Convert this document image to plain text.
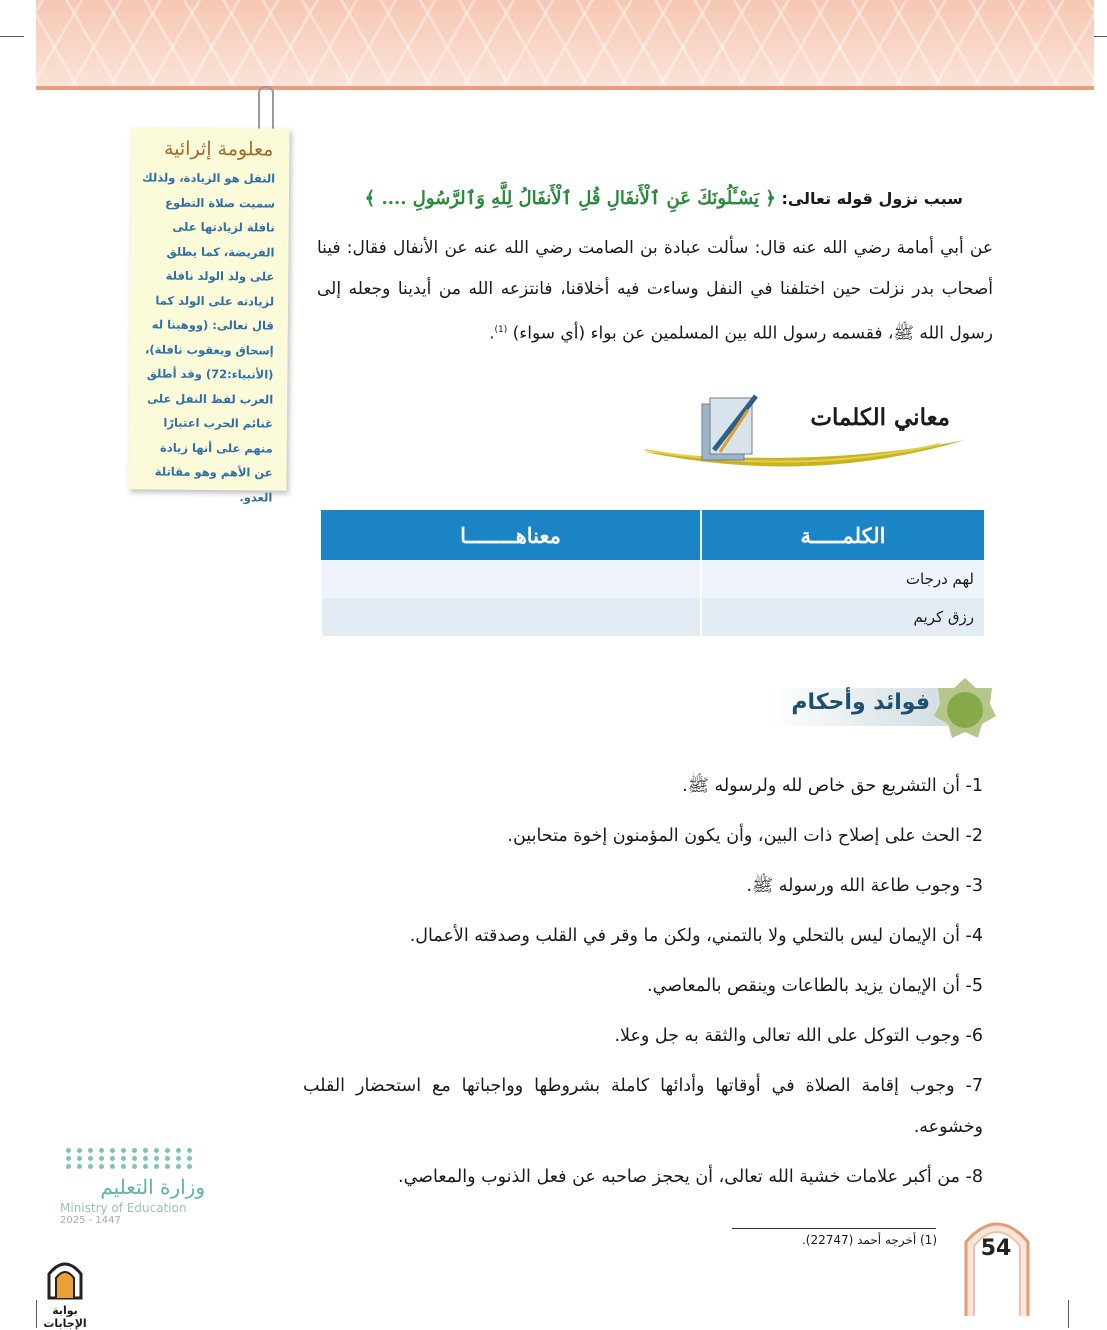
معلومة إثرائية
النفل هو الزيادة، ولذلك سميت صلاة التطوع نافلة لزيادتها على الفريضة، كما يطلق على ولد الولد نافلة لزيادته على الولد كما قال تعالى: (ووهبنا له إسحاق ويعقوب نافلة)، (الأنبياء:72) وقد أطلق العرب لفظ النفل على غنائم الحرب اعتبارًا منهم على أنها زيادة عن الأهم وهو مقاتلة العدو.
سبب نزول قوله تعالى: ﴿ يَسْـَٔلُونَكَ عَنِ ٱلْأَنفَالِ قُلِ ٱلْأَنفَالُ لِلَّهِ وَٱلرَّسُولِ .... ﴾
عن أبي أمامة رضي الله عنه قال: سألت عبادة بن الصامت رضي الله عنه عن الأنفال فقال: فينا أصحاب بدر نزلت حين اختلفنا في النفل وساءت فيه أخلاقنا، فانتزعه الله من أيدينا وجعله إلى رسول الله ﷺ، فقسمه رسول الله بين المسلمين عن بواء (أي سواء) $^{(1)}$.
معاني الكلمات
الكلمـــــة	معناهــــــــا
لهم درجات	
رزق كريم	
فوائد وأحكام
1- أن التشريع حق خاص لله ولرسوله ﷺ.
2- الحث على إصلاح ذات البين، وأن يكون المؤمنون إخوة متحابين.
3- وجوب طاعة الله ورسوله ﷺ.
4- أن الإيمان ليس بالتحلي ولا بالتمني، ولكن ما وقر في القلب وصدقته الأعمال.
5- أن الإيمان يزيد بالطاعات وينقص بالمعاصي.
6- وجوب التوكل على الله تعالى والثقة به جل وعلا.
7- وجوب إقامة الصلاة في أوقاتها وأدائها كاملة بشروطها وواجباتها مع استحضار القلب وخشوعه.
8- من أكبر علامات خشية الله تعالى، أن يحجز صاحبه عن فعل الذنوب والمعاصي.
(1) أخرجه أحمد (22747).	54
وزارة التعليم
Ministry of Education
2025 - 1447
بوابة الإجابات
